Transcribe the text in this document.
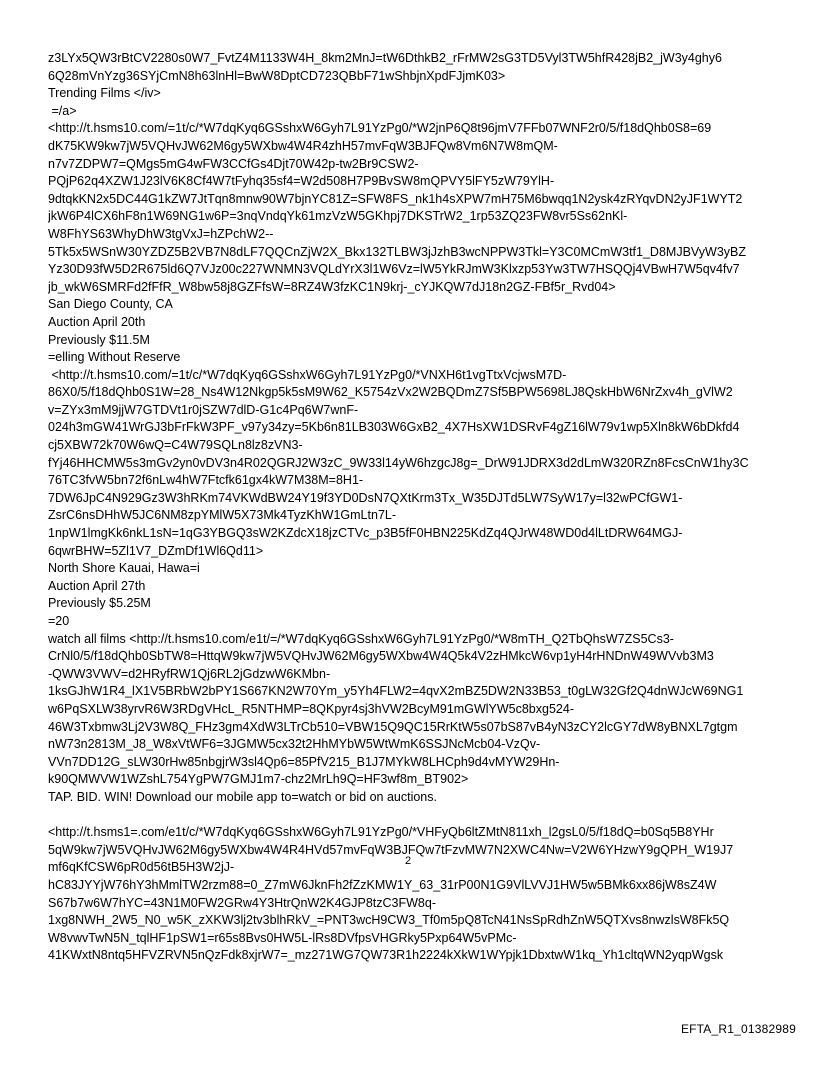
z3LYx5QW3rBtCV2280s0W7_FvtZ4M1133W4H_8km2MnJ=tW6DthkB2_rFrMW2sG3TD5Vyl3TW5hfR428jB2_jW3y4ghy6
6Q28mVnYzg36SYjCmN8h63lnHl=BwW8DptCD723QBbF71wShbjnXpdFJjmK03>
Trending Films </iv>
=/a>
<http://t.hsms10.com/=1t/c/*W7dqKyq6GSshxW6Gyh7L91YzPg0/*W2jnP6Q8t96jmV7FFb07WNF2r0/5/f18dQhb0S8=69
dK75KW9kw7jW5VQHvJW62M6gy5WXbw4W4R4zhH57mvFqW3BJFQw8Vm6N7W8mQM-
n7v7ZDPW7=QMgs5mG4wFW3CCfGs4Djt70W42p-tw2Br9CSW2-
PQjP62q4XZW1J23lV6K8Cf4W7tFyhq35sf4=W2d508H7P9BvSW8mQPVY5lFY5zW79YlH-
9dtqkKN2x5DC44G1kZW7JtTqn8mnw90W7bjnYC81Z=SFW8FS_nk1h4sXPW7mH75M6bwqq1N2ysk4zRYqvDN2yJF1WYT2
jkW6P4lCX6hF8n1W69NG1w6P=3nqVndqYk61mzVzW5GKhpj7DKSTrW2_1rp53ZQ23FW8vr5Ss62nKl-
W8FhYS63WhyDhW3tgVxJ=hZPchW2--
5Tk5x5WSnW30YZDZ5B2VB7N8dLF7QQCnZjW2X_Bkx132TLBW3jJzhB3wcNPPW3Tkl=Y3C0MCmW3tf1_D8MJBVyW3yBZ
Yz30D93fW5D2R675ld6Q7VJz00c227WNMN3VQLdYrX3l1W6Vz=lW5YkRJmW3Klxzp53Yw3TW7HSQQj4VBwH7W5qv4fv7
jb_wkW6SMRFd2fFfR_W8bw58j8GZFfsW=8RZ4W3fzKC1N9krj-_cYJKQW7dJ18n2GZ-FBf5r_Rvd04>
San Diego County, CA
Auction April 20th
Previously $11.5M
=elling Without Reserve
<http://t.hsms10.com/=1t/c/*W7dqKyq6GSshxW6Gyh7L91YzPg0/*VNXH6t1vgTtxVcjwsM7D-
86X0/5/f18dQhb0S1W=28_Ns4W12Nkgp5k5sM9W62_K5754zVx2W2BQDmZ7Sf5BPW5698LJ8QskHbW6NrZxv4h_gVlW2
v=ZYx3mM9jjW7GTDVt1r0jSZW7dlD-G1c4Pq6W7wnF-
024h3mGW41WrGJ3bFrFkW3PF_v97y34zy=5Kb6n81LB303W6GxB2_4X7HsXW1DSRvF4gZ16lW79v1wp5Xln8kW6bDkfd4
cj5XBW72k70W6wQ=C4W79SQLn8lz8zVN3-
fYj46HHCMW5s3mGv2yn0vDV3n4R02QGRJ2W3zC_9W33l14yW6hzgcJ8g=_DrW91JDRX3d2dLmW320RZn8FcsCnW1hy3C
76TC3fvW5bn72f6nLw4hW7Ftcfk61gx4kW7M38M=8H1-
7DW6JpC4N929Gz3W3hRKm74VKWdBW24Y19f3YD0DsN7QXtKrm3Tx_W35DJTd5LW7SyW17y=l32wPCfGW1-
ZsrC6nsDHhW5JC6NM8zpYMlW5X73Mk4TyzKhW1GmLtn7L-
1npW1lmgKk6nkL1sN=1qG3YBGQ3sW2KZdcX18jzCTVc_p3B5fF0HBN225KdZq4QJrW48WD0d4lLtDRW64MGJ-
6qwrBHW=5Zl1V7_DZmDf1Wl6Qd11>
North Shore Kauai, Hawa=i
Auction April 27th
Previously $5.25M
=20
watch all films <http://t.hsms10.com/e1t/=/*W7dqKyq6GSshxW6Gyh7L91YzPg0/*W8mTH_Q2TbQhsW7ZS5Cs3-
CrNl0/5/f18dQhb0SbTW8=HttqW9kw7jW5VQHvJW62M6gy5WXbw4W4Q5k4V2zHMkcW6vp1yH4rHNDnW49WVvb3M3
-QWW3VWV=d2HRyfRW1Qj6RL2jGdzwW6KMbn-
1ksGJhW1R4_lX1V5BRbW2bPY1S667KN2W70Ym_y5Yh4FLW2=4qvX2mBZ5DW2N33B53_t0gLW32Gf2Q4dnWJcW69NG1
w6PqSXLW38yrvR6W3RDgVHcL_R5NTHMP=8QKpyr4sj3hVW2BcyM91mGWlYW5c8bxg524-
46W3Txbmw3Lj2V3W8Q_FHz3gm4XdW3LTrCb510=VBW15Q9QC15RrKtW5s07bS87vB4yN3zCY2lcGY7dW8yBNXL7gtgm
nW73n2813M_J8_W8xVtWF6=3JGMW5cx32t2HhMYbW5WtWmK6SSJNcMcb04-VzQv-
VVn7DD12G_sLW30rHw85nbgjrW3sl4Qp6=85PfV215_B1J7MYkW8LHCph9d4vMYW29Hn-
k90QMWVW1WZshL754YgPW7GMJ1m7-chz2MrLh9Q=HF3wf8m_BT902>
TAP. BID. WIN! Download our mobile app to=watch or bid on auctions.

<http://t.hsms1=.com/e1t/c/*W7dqKyq6GSshxW6Gyh7L91YzPg0/*VHFyQb6ltZMtN811xh_l2gsL0/5/f18dQ=b0Sq5B8YHr
5qW9kw7jW5VQHvJW62M6gy5WXbw4W4R4HVd57mvFqW3BJFQw7tFzvMW7N2XWC4Nw=V2W6YHzwY9gQPH_W19J7
mf6qKfCSW6pR0d56tB5H3W2jJ-
hC83JYYjW76hY3hMmlTW2rzm88=0_Z7mW6JknFh2fZzKMW1Y_63_31rP00N1G9VlLVVJ1HW5w5BMk6xx86jW8sZ4W
S67b7w6W7hYC=43N1M0FW2GRw4Y3HtrQnW2K4GJP8tzC3FW8q-
1xg8NWH_2W5_N0_w5K_zXKW3lj2tv3blhRkV_=PNT3wcH9CW3_Tf0m5pQ8TcN41NsSpRdhZnW5QTXvs8nwzlsW8Fk5Q
W8vwvTwN5N_tqlHF1pSW1=r65s8Bvs0HW5L-lRs8DVfpsVHGRky5Pxp64W5vPMc-
41KWxtN8ntq5HFVZRVN5nQzFdk8xjrW7=_mz271WG7QW73R1h2224kXkW1WYpjk1DbxtwW1kq_Yh1cltqWN2yqpWgsk
2
EFTA_R1_01382989
